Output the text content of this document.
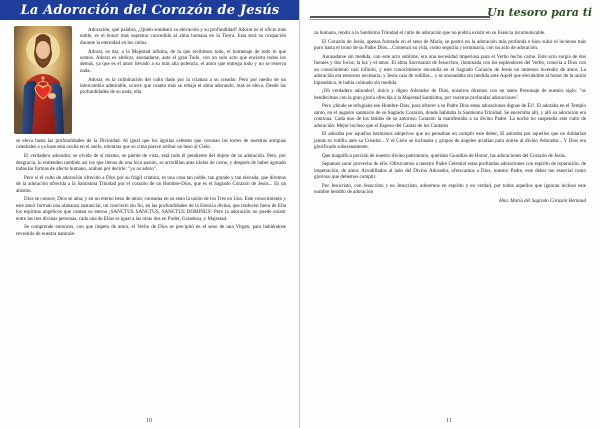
La Adoración del Corazón de Jesús

Adoración, qué palabra, ¿Quién sondeará su elevación y su profundidad? Adorar es el oficio más noble, es el honor más supremo concedido al alma humana en la Tierra. Esta será su ocupación durante la eternidad en los cielos.

Adorar, es dar, a la Majestad infinita, de la que recibimos todo, el homenaje de todo lo que somos. Adorar es abdicar, anonadarse, ante el gran Todo, con un solo acto que encierra todos los demás, ya que es el amor llevado a su más alta potencia, el amor que entrega todo y no se reserva nada.

Adorar, es la culminación del culto dado por la criatura a su creador. Pero por medio de un intercambio admirable, ocurre que cuanto más se rebaja el alma adorando, más se eleva. Desde las profundidades de su nada, ella

se eleva hasta las profundidades de la Divinidad. Al igual que los águilas celestes que coronan las torres de nuestras antiguas catedrales a ya base está oculta en el suelo, mientras que su cima parece arribar un beso al Cielo.

El verdadero adorador, se olvida de sí mismo, se pierde de vista, está todo él pendiente del objeto de su adoración. Pero, por desgracia, lo entienden también así los que llenos de una loca pasión, se arrodillan ante ídolos de carne, y después de haber agotado todas las formas de afecto humano, acaban por decirle: "yo os adoro".

Pero si el culto de adoración ofrecido a Dios por su frágil criatura, es una cosa tan noble, tan grande y tan elevada, que diremos de la adoración ofrecida a la Santísima Trinidad por el corazón de un Hombre-Dios, que es el Sagrado Corazón de Jesús... Es un abismo.

Dios se conoce, Dios se ama; y en un eterno beso de amor, consuma en su seno la unión de los Tres en Uno. Este conocimiento y este amor forman una alabanza sustancial, un concierto sin fin, en las profundidades de la Esencia divina, que traducen fuera de Ella los espíritus angélicos que cantan su eterno ¡SANCTUS SANCTUS, SANCTUS DOMINUS! Pero la adoración no puede existir entre las tres divinas personas, cada una de Ellas es igual a las otras dos en Poder, Grandeza, y Majestad.

Se comprende entonces, con que ímpetu de amor, el Verbo de Dios se precipitó en el seno de una Virgen, para habiéndose revestido de nuestra naturale-

10
Un tesoro para ti

za humana, rendir a la Santísima Trinidad el culto de adoración que no podría existir en su Esencia incomunicable.

El Corazón de Jesús, apenas formado en el seno de María, se postró en la adoración más profunda e hizo subir el incienso más puro hasta el trono de su Padre Dios....Comenzó su vida, como seguiría y terminaría, con un acto de adoración.

Anonadarse sin medida, con este acto sublime, era una necesidad imperiosa para el Verbo hecho carne. Este acto surgía de dos fuentes y dos focos; la luz y el amor. El alma Sacrosanta de Jesucristo, iluminada con los esplendores del Verbo, conocía a Dios con un conocimiento casi infinito, y este conocimiento encendía en el Sagrado Corazón de Jesús un inmenso incendio de amor. La adoración era entonces necesaria, y Jesús caía de rodillas... y se anonadaba sin medida ante Aquél que elevándole al honor de la unión hipostática, le había colmado sin medida.

¡Oh verdadero adorador!, único y digno Adorador de Dios, nosotros diremos con un santo Personaje de nuestro siglo: "os bendecimos con la gran gloria ofrecida a la Majestad Santísima, por vuestras profundas adoraciones".

Pero ¡dónde se refugiaba ese Hombre-Dios, para ofrecer a su Padre Dios estas adoraciones dignas de Él?. El adoraba en el Templo santo, en el augusto santuario de su Sagrado Corazón, donde habitaba la Santísima Trinidad. Se encerraba allí, y allí su adoración era continua. Cada uno de los latidos de su amoroso Corazón la manifestaba a su divino Padre. La noche no suspendía este culto de adoración: Mejor incluso que el Esposo del Cantar de los Cantares

El adoraba por aquellos hermanos adoptivos que no pensaban en cumplir este deber; El adoraba por aquellos que no doblarían jamás su rodilla ante su Creador....Y el Cielo se inclinaba y grupos de ángeles acudían para unirse al divino Adorador....Y Dios era glorificado soberanamente.

Que magnífica porción de nuestro divino patrimonio, queridos Guardias de Honor, las adoraciones del Corazón de Jesús.

Sepamos sacar provecho de ello. Ofrezcamos a nuestro Padre Celestial estas profundas adoraciones con espíritu de reparación, de impetración, de amor. Arrodillados al lado del Divino Adorador, ofrezcamos a Dios, nuestro Padre, este deber tan esencial como glorioso que debemos cumplir.

Por Jesucristo, con Jesucristo y en Jesucristo, adoremos en espíritu y en verdad, por todos aquellos que ignoran incluso este nombre bendito de adoración

Hna. María del Sagrado Corazón Bernaud

11
